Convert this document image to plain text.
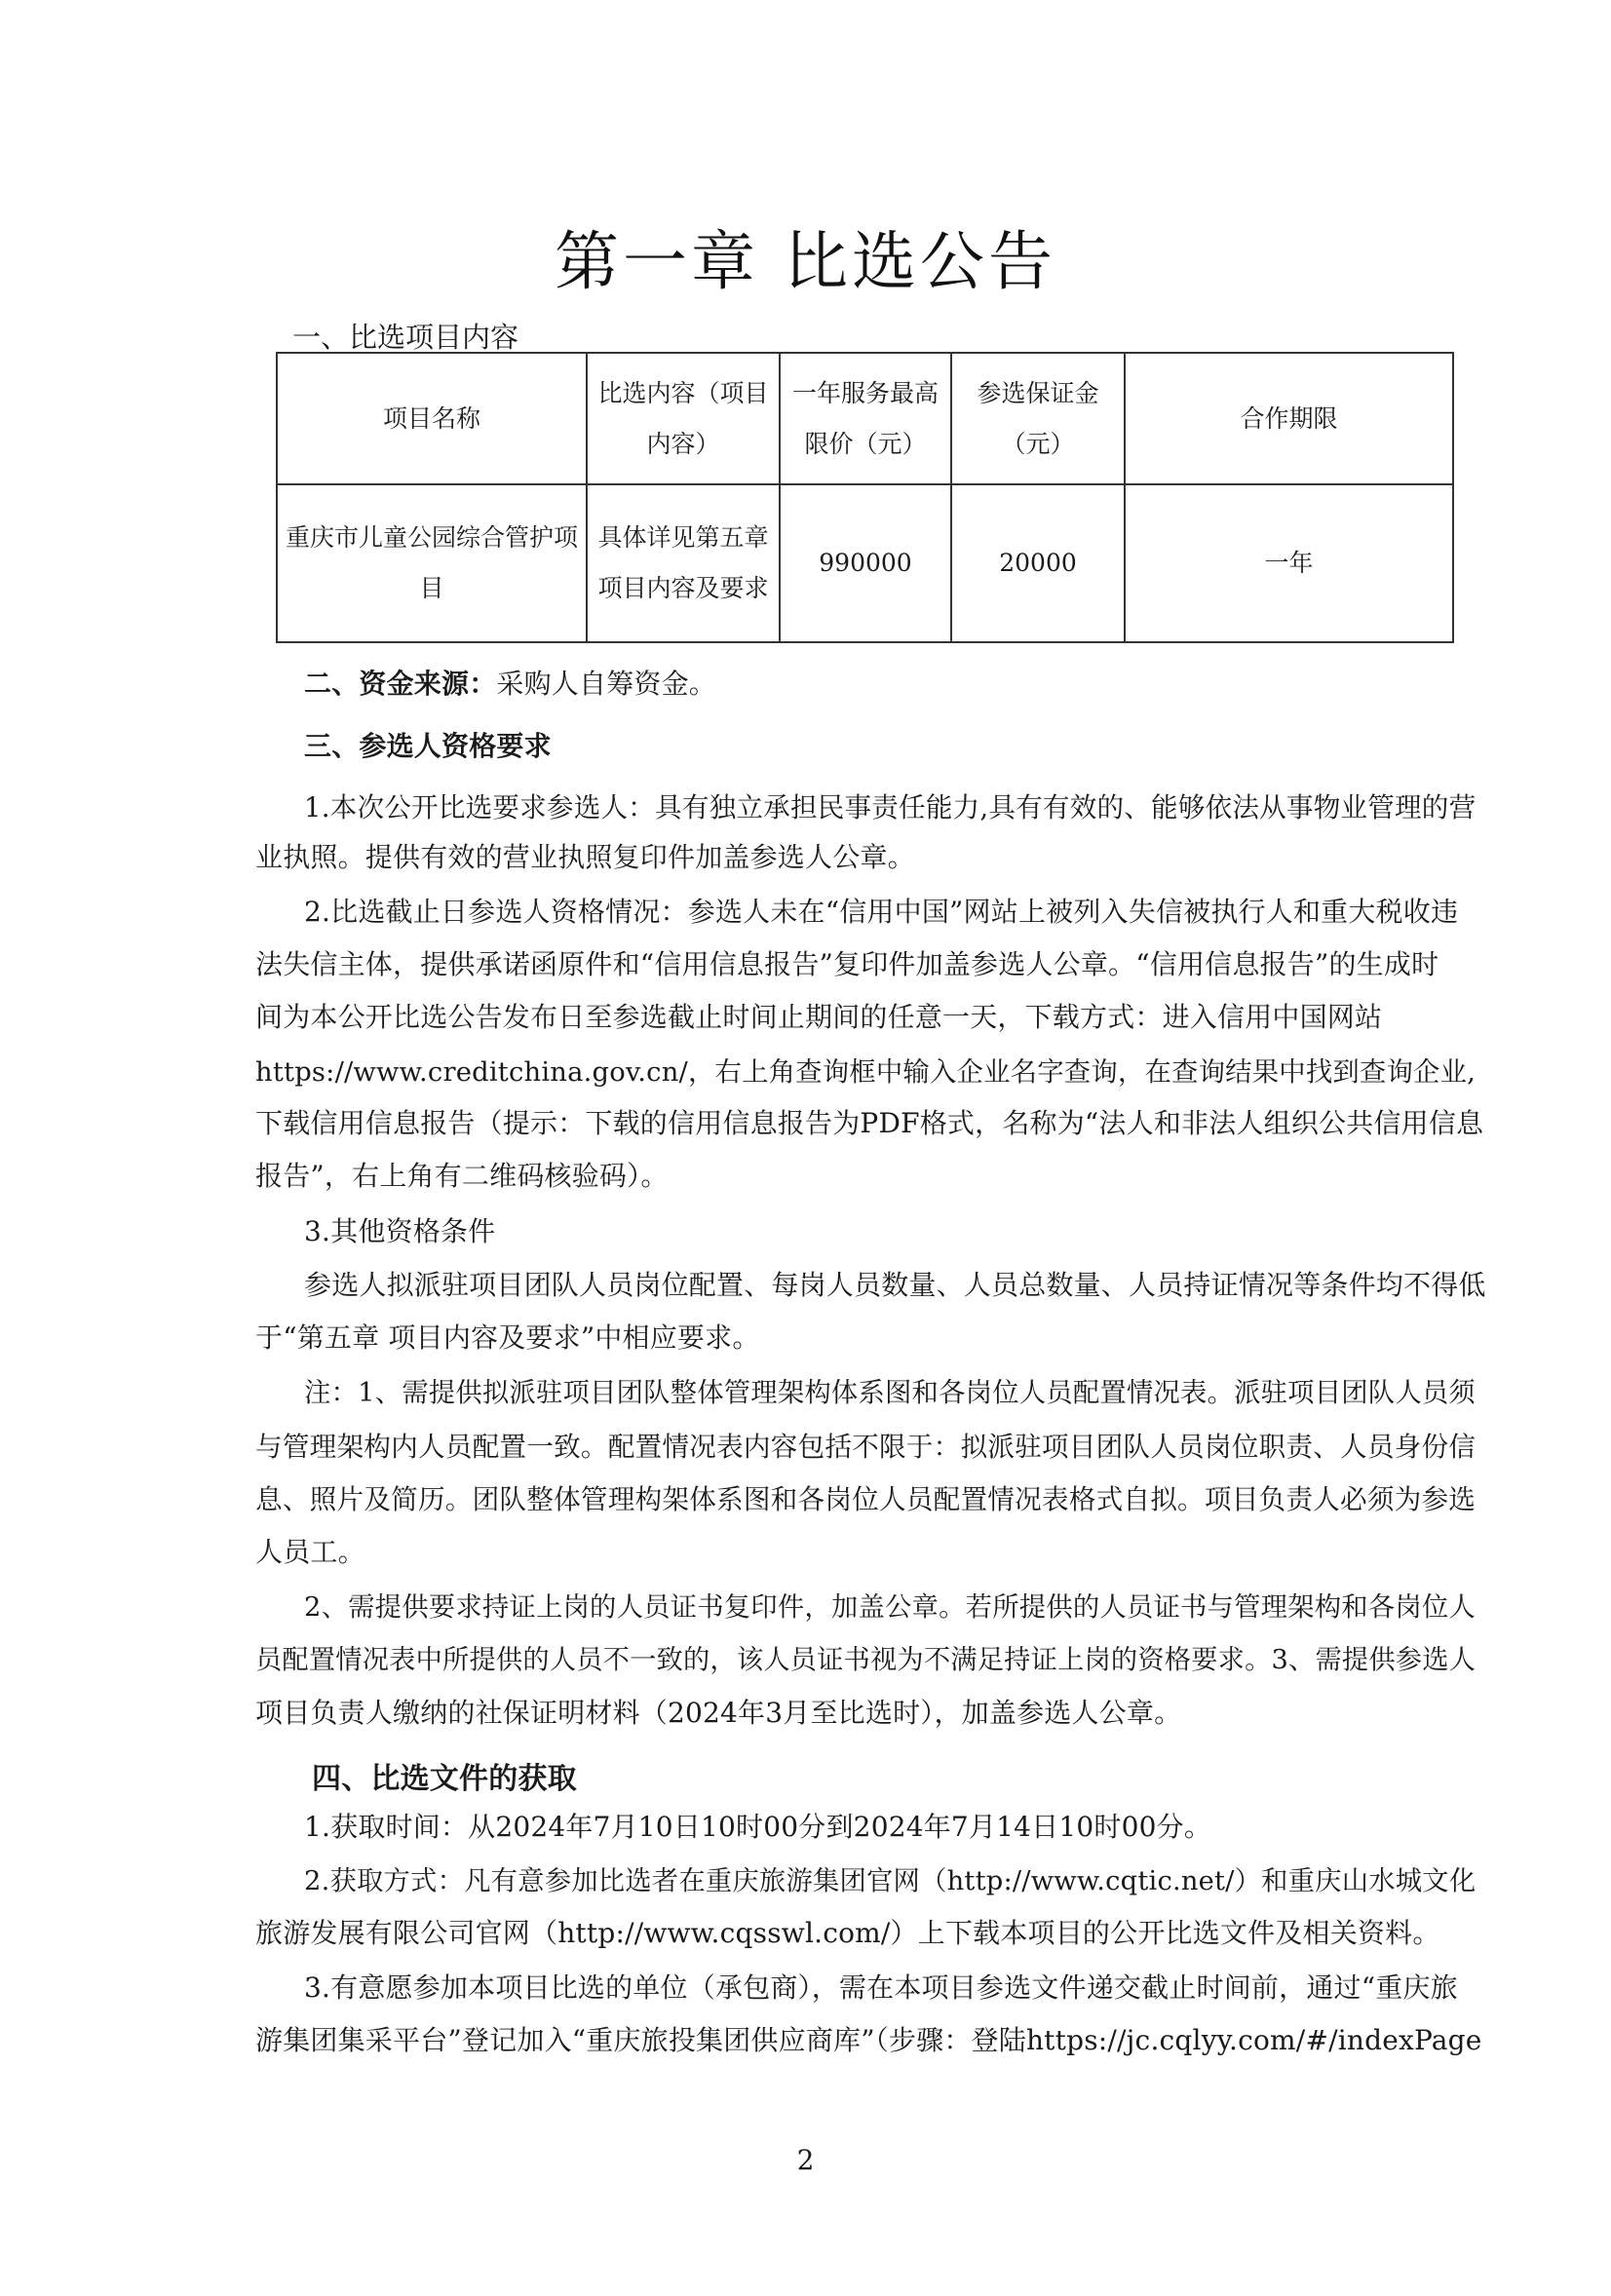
第一章 比选公告

一、比选项目内容

项目名称	比选内容（项目内容）	一年服务最高限价（元）	参选保证金（元）	合作期限
重庆市儿童公园综合管护项目	具体详见第五章项目内容及要求	990000	20000	一年

二、资金来源：采购人自筹资金。

三、参选人资格要求

1.本次公开比选要求参选人：具有独立承担民事责任能力,具有有效的、能够依法从事物业管理的营

业执照。提供有效的营业执照复印件加盖参选人公章。

2.比选截止日参选人资格情况：参选人未在“信用中国”网站上被列入失信被执行人和重大税收违

法失信主体，提供承诺函原件和“信用信息报告”复印件加盖参选人公章。“信用信息报告”的生成时

间为本公开比选公告发布日至参选截止时间止期间的任意一天，下载方式：进入信用中国网站

https://www.creditchina.gov.cn/，右上角查询框中输入企业名字查询，在查询结果中找到查询企业,

下载信用信息报告（提示：下载的信用信息报告为PDF格式，名称为“法人和非法人组织公共信用信息

报告”，右上角有二维码核验码）。

3.其他资格条件

参选人拟派驻项目团队人员岗位配置、每岗人员数量、人员总数量、人员持证情况等条件均不得低

于“第五章 项目内容及要求”中相应要求。

注：1、需提供拟派驻项目团队整体管理架构体系图和各岗位人员配置情况表。派驻项目团队人员须

与管理架构内人员配置一致。配置情况表内容包括不限于：拟派驻项目团队人员岗位职责、人员身份信

息、照片及简历。团队整体管理构架体系图和各岗位人员配置情况表格式自拟。项目负责人必须为参选

人员工。

2、需提供要求持证上岗的人员证书复印件，加盖公章。若所提供的人员证书与管理架构和各岗位人

员配置情况表中所提供的人员不一致的，该人员证书视为不满足持证上岗的资格要求。3、需提供参选人

项目负责人缴纳的社保证明材料（2024年3月至比选时），加盖参选人公章。

四、比选文件的获取

1.获取时间：从2024年7月10日10时00分到2024年7月14日10时00分。

2.获取方式：凡有意参加比选者在重庆旅游集团官网（http://www.cqtic.net/）和重庆山水城文化

旅游发展有限公司官网（http://www.cqsswl.com/）上下载本项目的公开比选文件及相关资料。

3.有意愿参加本项目比选的单位（承包商），需在本项目参选文件递交截止时间前，通过“重庆旅

游集团集采平台”登记加入“重庆旅投集团供应商库”（步骤：登陆https://jc.cqlyy.com/#/indexPage

2
